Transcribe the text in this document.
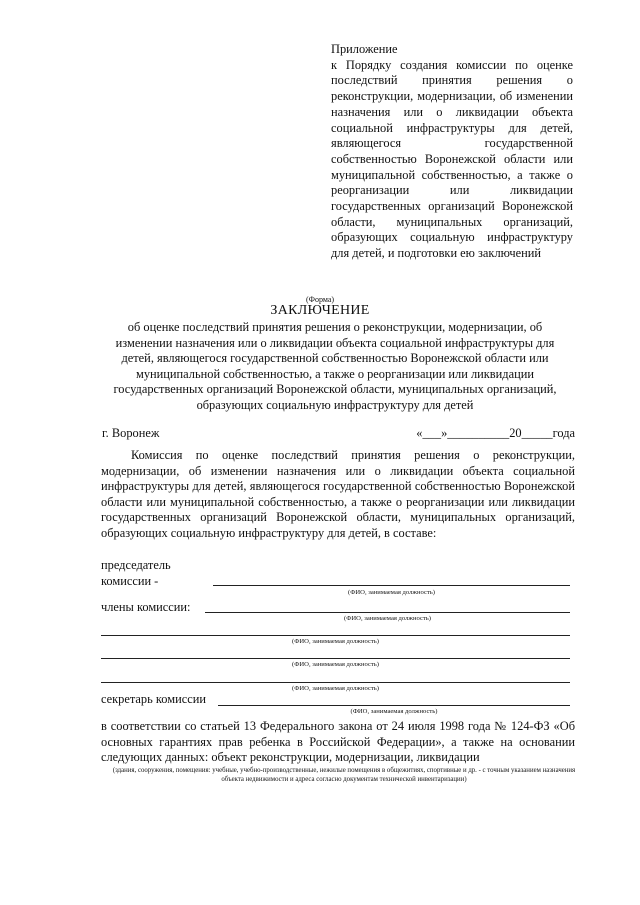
Приложение

к Порядку создания комиссии по оценке последствий принятия решения о реконструкции, модернизации, об изменении назначения или о ликвидации объекта социальной инфраструктуры для детей, являющегося государственной собственностью Воронежской области или муниципальной собственностью, а также о реорганизации или ликвидации государственных организаций Воронежской области, муниципальных организаций, образующих социальную инфраструктуру для детей, и подготовки ею заключений

(Форма)
ЗАКЛЮЧЕНИЕ
об оценке последствий принятия решения о реконструкции, модернизации, об изменении назначения или о ликвидации объекта социальной инфраструктуры для детей, являющегося государственной собственностью Воронежской области или муниципальной собственностью, а также о реорганизации или ликвидации государственных организаций Воронежской области, муниципальных организаций, образующих социальную инфраструктуру для детей
г. Воронеж	«___»__________20_____года
Комиссия по оценке последствий принятия решения о реконструкции, модернизации, об изменении назначения или о ликвидации объекта социальной инфраструктуры для детей, являющегося государственной собственностью Воронежской области или муниципальной собственностью, а также о реорганизации или ликвидации государственных организаций Воронежской области, муниципальных организаций, образующих социальную инфраструктуру для детей, в составе:
председатель
комиссии -
(ФИО, занимаемая должность)
члены комиссии:
(ФИО, занимаемая должность)
(ФИО, занимаемая должность)
(ФИО, занимаемая должность)
(ФИО, занимаемая должность)
секретарь комиссии
(ФИО, занимаемая должность)
в соответствии со статьей 13 Федерального закона от 24 июля 1998 года № 124-ФЗ «Об основных гарантиях прав ребенка в Российской Федерации», а также на основании следующих данных: объект реконструкции, модернизации, ликвидации
(здания, сооружения, помещения: учебные, учебно-производственные, нежилые помещения в общежитиях, спортивные и др. - с точным указанием назначения объекта недвижимости и адреса согласно документам технической инвентаризации)
